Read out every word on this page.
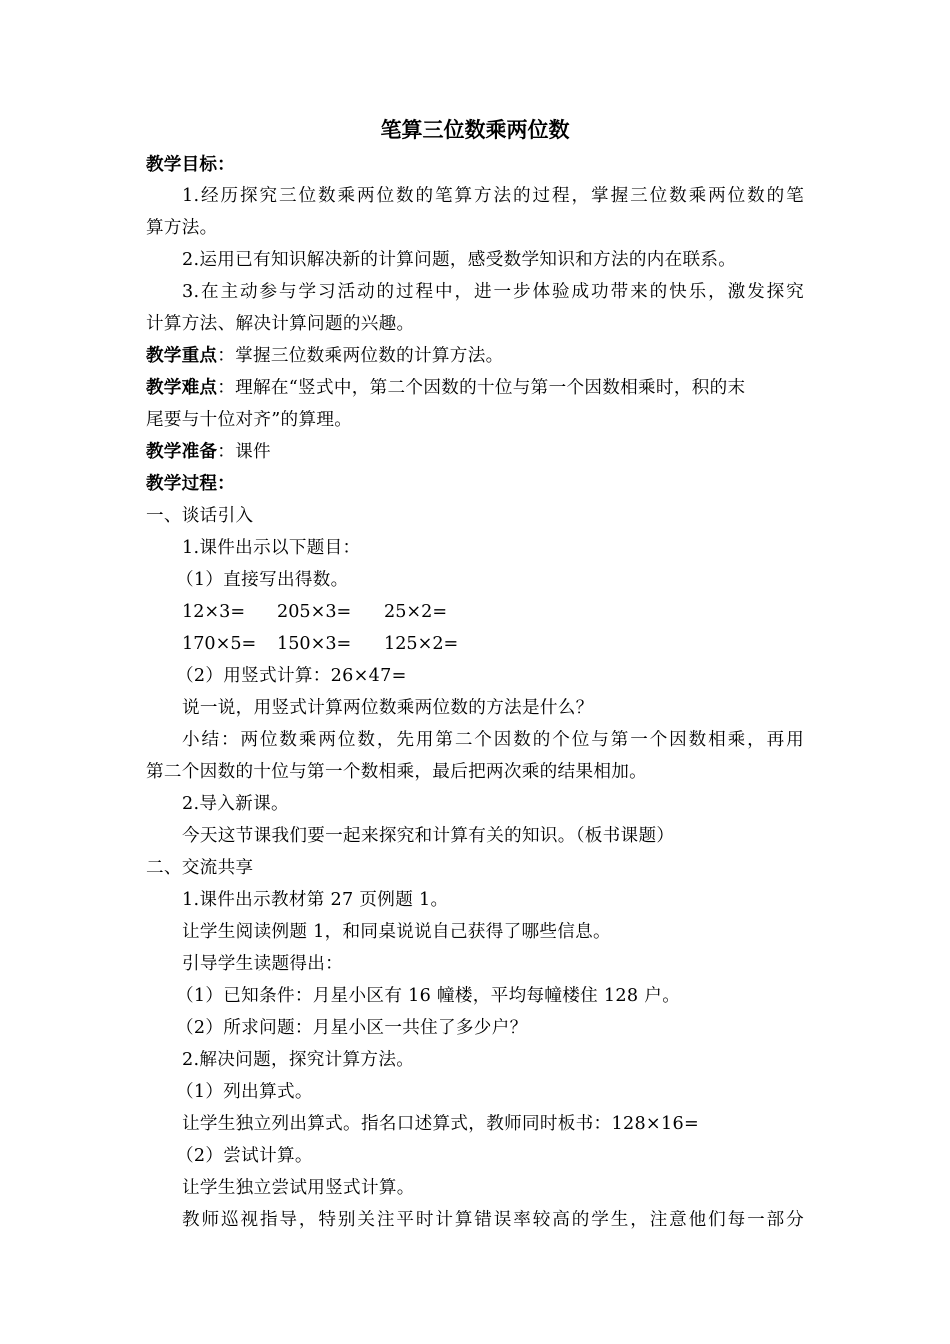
笔算三位数乘两位数
教学目标：
1.经历探究三位数乘两位数的笔算方法的过程，掌握三位数乘两位数的笔
算方法。
2.运用已有知识解决新的计算问题，感受数学知识和方法的内在联系。
3.在主动参与学习活动的过程中，进一步体验成功带来的快乐，激发探究
计算方法、解决计算问题的兴趣。
教学重点：掌握三位数乘两位数的计算方法。
教学难点：理解在“竖式中，第二个因数的十位与第一个因数相乘时，积的末
尾要与十位对齐”的算理。
教学准备：课件
教学过程：
一、谈话引入
1.课件出示以下题目：
（1）直接写出得数。
12×3= 205×3= 25×2=
170×5= 150×3= 125×2=
（2）用竖式计算：26×47=
说一说，用竖式计算两位数乘两位数的方法是什么？
小结：两位数乘两位数，先用第二个因数的个位与第一个因数相乘，再用
第二个因数的十位与第一个数相乘，最后把两次乘的结果相加。
2.导入新课。
今天这节课我们要一起来探究和计算有关的知识。（板书课题）
二、交流共享
1.课件出示教材第 27 页例题 1。
让学生阅读例题 1，和同桌说说自己获得了哪些信息。
引导学生读题得出：
（1）已知条件：月星小区有 16 幢楼，平均每幢楼住 128 户。
（2）所求问题：月星小区一共住了多少户？
2.解决问题，探究计算方法。
（1）列出算式。
让学生独立列出算式。指名口述算式，教师同时板书：128×16=
（2）尝试计算。
让学生独立尝试用竖式计算。
教师巡视指导，特别关注平时计算错误率较高的学生，注意他们每一部分
